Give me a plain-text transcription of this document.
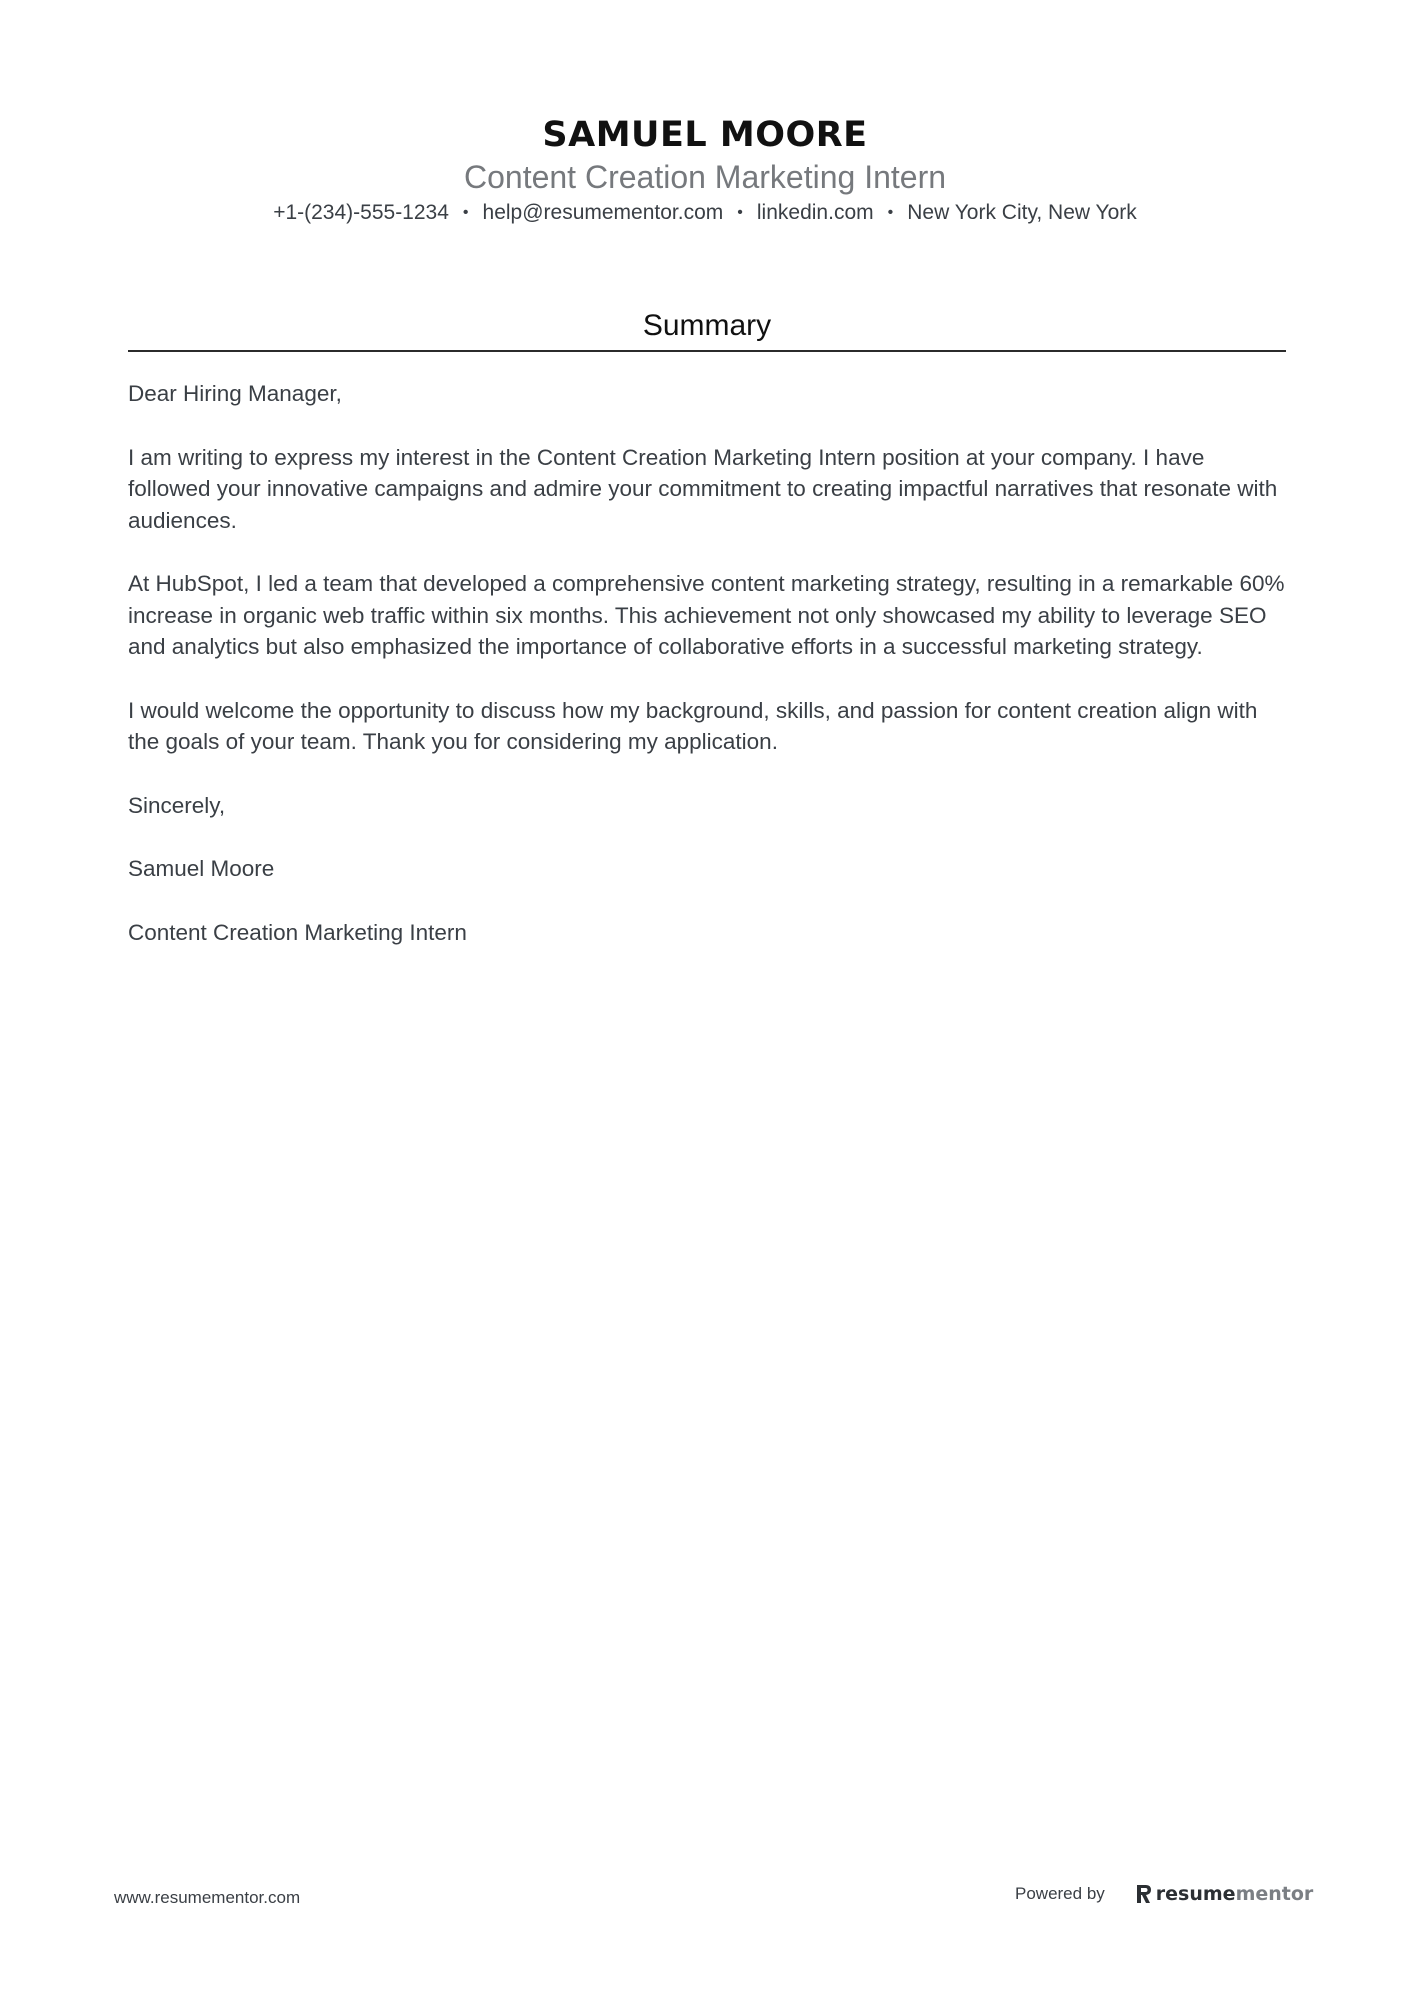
SAMUEL MOORE
Content Creation Marketing Intern
+1-(234)-555-1234 • help@resumementor.com • linkedin.com • New York City, New York
Summary

Dear Hiring Manager,

I am writing to express my interest in the Content Creation Marketing Intern position at your company. I have followed your innovative campaigns and admire your commitment to creating impactful narratives that resonate with audiences.

At HubSpot, I led a team that developed a comprehensive content marketing strategy, resulting in a remarkable 60% increase in organic web traffic within six months. This achievement not only showcased my ability to leverage SEO and analytics but also emphasized the importance of collaborative efforts in a successful marketing strategy.

I would welcome the opportunity to discuss how my background, skills, and passion for content creation align with the goals of your team. Thank you for considering my application.

Sincerely,

Samuel Moore

Content Creation Marketing Intern

www.resumementor.com	Powered by	resume mentor
